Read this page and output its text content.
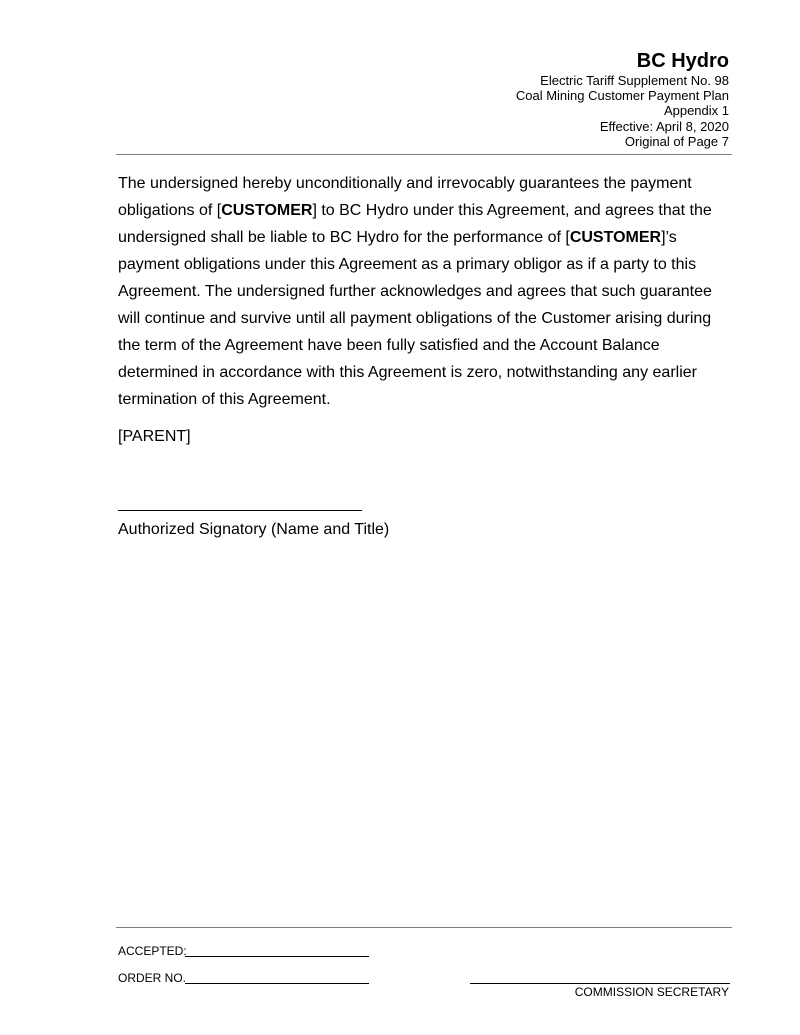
BC Hydro
Electric Tariff Supplement No. 98
Coal Mining Customer Payment Plan
Appendix 1
Effective: April 8, 2020
Original of Page 7
The undersigned hereby unconditionally and irrevocably guarantees the payment obligations of [CUSTOMER] to BC Hydro under this Agreement, and agrees that the undersigned shall be liable to BC Hydro for the performance of [CUSTOMER]’s payment obligations under this Agreement as a primary obligor as if a party to this Agreement. The undersigned further acknowledges and agrees that such guarantee will continue and survive until all payment obligations of the Customer arising during the term of the Agreement have been fully satisfied and the Account Balance determined in accordance with this Agreement is zero, notwithstanding any earlier termination of this Agreement.
[PARENT]
Authorized Signatory (Name and Title)
ACCEPTED:
ORDER NO.
COMMISSION SECRETARY
